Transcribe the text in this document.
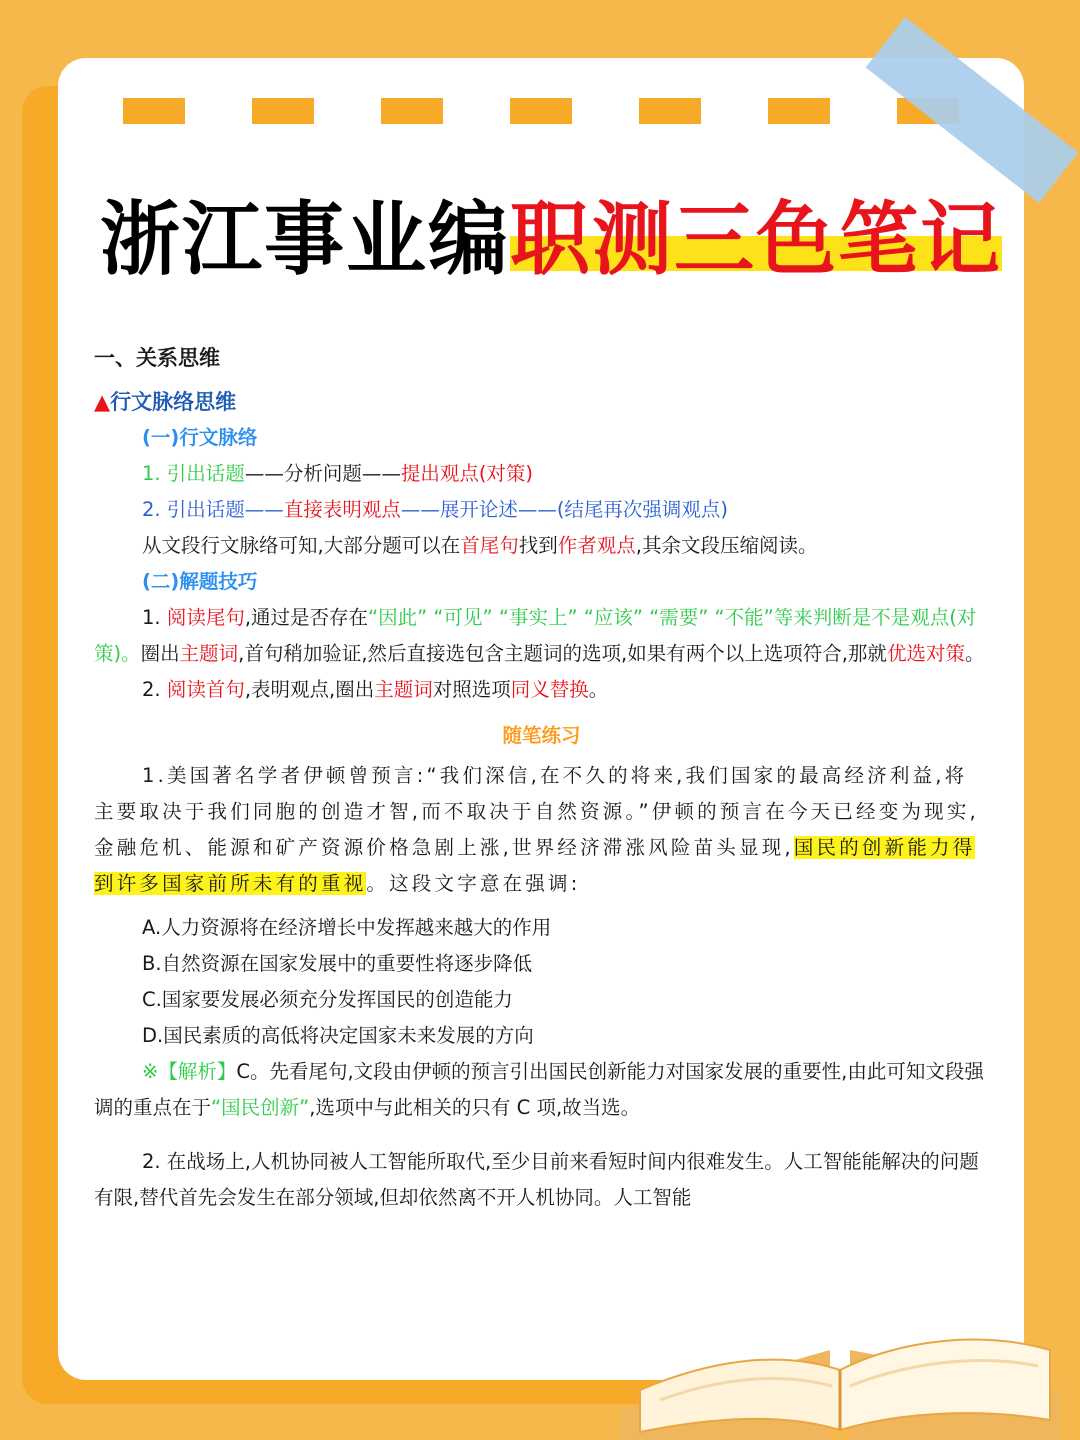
浙江事业编职测三色笔记

一、关系思维

▲行文脉络思维

(一)行文脉络

1. 引出话题——分析问题——提出观点(对策)

2. 引出话题——直接表明观点——展开论述——(结尾再次强调观点)

从文段行文脉络可知,大部分题可以在首尾句找到作者观点,其余文段压缩阅读。

(二)解题技巧

1. 阅读尾句,通过是否存在“因此” “可见” “事实上” “应该” “需要” “不能”等来判断是不是观点(对策)。圈出主题词,首句稍加验证,然后直接选包含主题词的选项,如果有两个以上选项符合,那就优选对策。

2. 阅读首句,表明观点,圈出主题词对照选项同义替换。

随笔练习

1.美国著名学者伊顿曾预言:“我们深信,在不久的将来,我们国家的最高经济利益,将主要取决于我们同胞的创造才智,而不取决于自然资源。”伊顿的预言在今天已经变为现实,金融危机、能源和矿产资源价格急剧上涨,世界经济滞涨风险苗头显现,国民的创新能力得到许多国家前所未有的重视。这段文字意在强调:

A.人力资源将在经济增长中发挥越来越大的作用

B.自然资源在国家发展中的重要性将逐步降低

C.国家要发展必须充分发挥国民的创造能力

D.国民素质的高低将决定国家未来发展的方向

※【解析】C。先看尾句,文段由伊顿的预言引出国民创新能力对国家发展的重要性,由此可知文段强调的重点在于“国民创新”,选项中与此相关的只有 C 项,故当选。

2. 在战场上,人机协同被人工智能所取代,至少目前来看短时间内很难发生。人工智能能解决的问题有限,替代首先会发生在部分领域,但却依然离不开人机协同。人工智能
